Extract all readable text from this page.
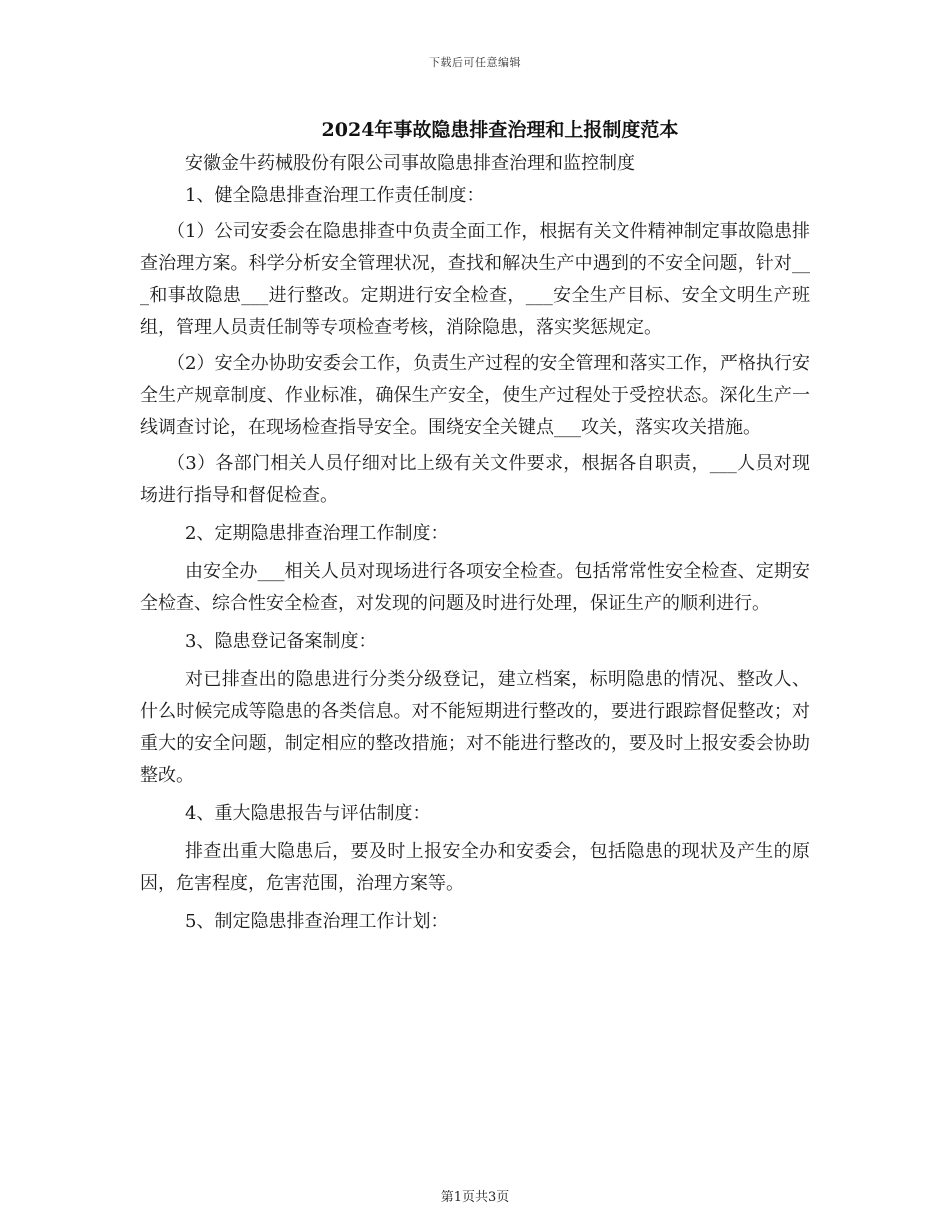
下载后可任意编辑
2024年事故隐患排查治理和上报制度范本

安徽金牛药械股份有限公司事故隐患排查治理和监控制度

1、健全隐患排查治理工作责任制度：

（1）公司安委会在隐患排查中负责全面工作，根据有关文件精神制定事故隐患排查治理方案。科学分析安全管理状况，查找和解决生产中遇到的不安全问题，针对___和事故隐患___进行整改。定期进行安全检查，___安全生产目标、安全文明生产班组，管理人员责任制等专项检查考核，消除隐患，落实奖惩规定。

（2）安全办协助安委会工作，负责生产过程的安全管理和落实工作，严格执行安全生产规章制度、作业标准，确保生产安全，使生产过程处于受控状态。深化生产一线调查讨论，在现场检查指导安全。围绕安全关键点___攻关，落实攻关措施。

（3）各部门相关人员仔细对比上级有关文件要求，根据各自职责，___人员对现场进行指导和督促检查。

2、定期隐患排查治理工作制度：

由安全办___相关人员对现场进行各项安全检查。包括常常性安全检查、定期安全检查、综合性安全检查，对发现的问题及时进行处理，保证生产的顺利进行。

3、隐患登记备案制度：

对已排查出的隐患进行分类分级登记，建立档案，标明隐患的情况、整改人、什么时候完成等隐患的各类信息。对不能短期进行整改的，要进行跟踪督促整改；对重大的安全问题，制定相应的整改措施；对不能进行整改的，要及时上报安委会协助整改。

4、重大隐患报告与评估制度：

排查出重大隐患后，要及时上报安全办和安委会，包括隐患的现状及产生的原因，危害程度，危害范围，治理方案等。

5、制定隐患排查治理工作计划：

第1页共3页
